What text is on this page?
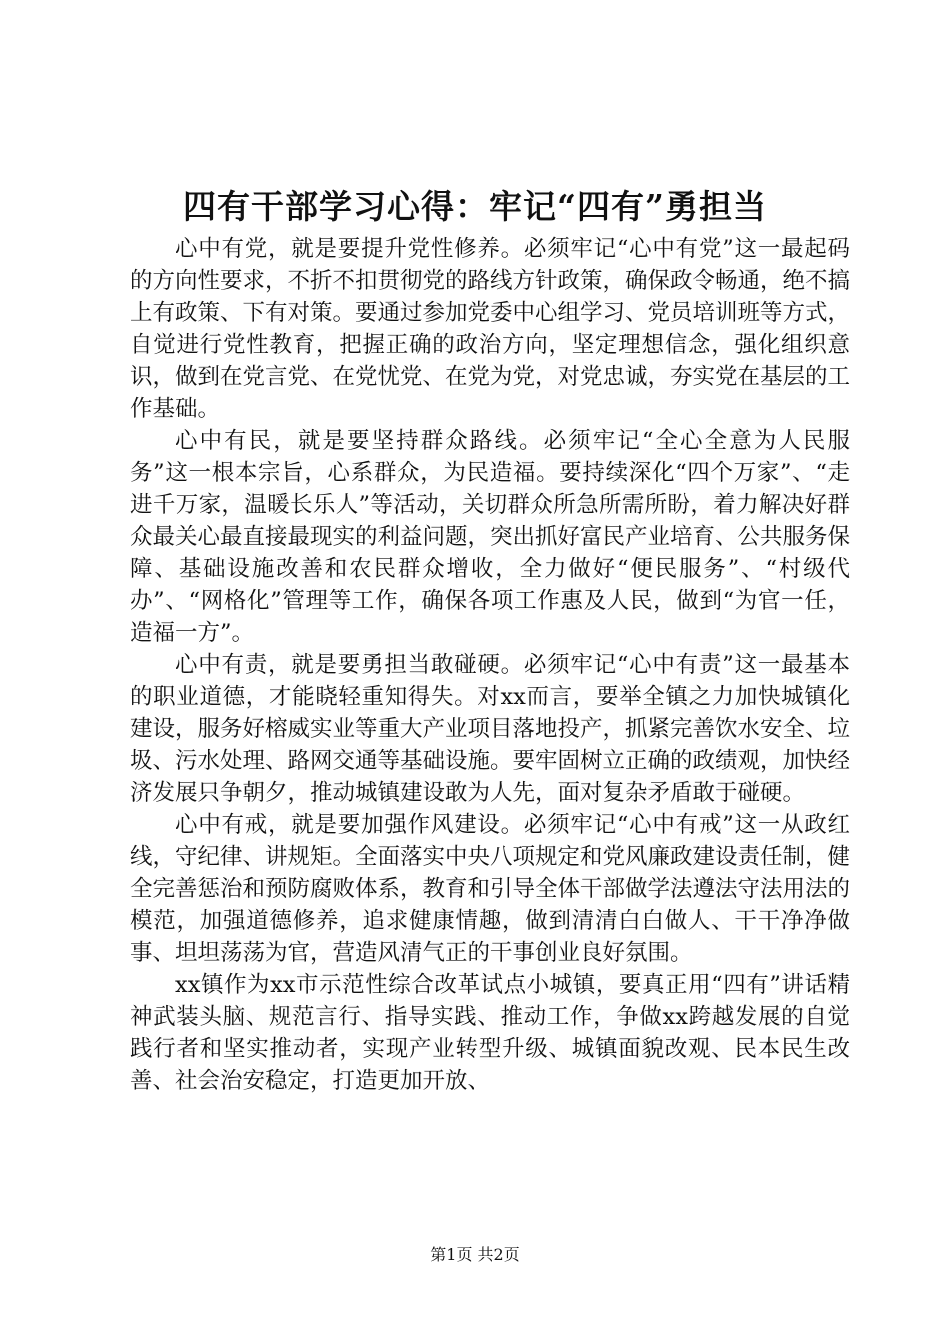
四有干部学习心得：牢记“四有”勇担当

心中有党，就是要提升党性修养。必须牢记“心中有党”这一最起码的方向性要求，不折不扣贯彻党的路线方针政策，确保政令畅通，绝不搞上有政策、下有对策。要通过参加党委中心组学习、党员培训班等方式，自觉进行党性教育，把握正确的政治方向，坚定理想信念，强化组织意识，做到在党言党、在党忧党、在党为党，对党忠诚，夯实党在基层的工作基础。

心中有民，就是要坚持群众路线。必须牢记“全心全意为人民服务”这一根本宗旨，心系群众，为民造福。要持续深化“四个万家”、“走进千万家，温暖长乐人”等活动，关切群众所急所需所盼，着力解决好群众最关心最直接最现实的利益问题，突出抓好富民产业培育、公共服务保障、基础设施改善和农民群众增收，全力做好“便民服务”、“村级代办”、“网格化”管理等工作，确保各项工作惠及人民，做到“为官一任，造福一方”。

心中有责，就是要勇担当敢碰硬。必须牢记“心中有责”这一最基本的职业道德，才能晓轻重知得失。对xx而言，要举全镇之力加快城镇化建设，服务好榕威实业等重大产业项目落地投产，抓紧完善饮水安全、垃圾、污水处理、路网交通等基础设施。要牢固树立正确的政绩观，加快经济发展只争朝夕，推动城镇建设敢为人先，面对复杂矛盾敢于碰硬。

心中有戒，就是要加强作风建设。必须牢记“心中有戒”这一从政红线，守纪律、讲规矩。全面落实中央八项规定和党风廉政建设责任制，健全完善惩治和预防腐败体系，教育和引导全体干部做学法遵法守法用法的模范，加强道德修养，追求健康情趣，做到清清白白做人、干干净净做事、坦坦荡荡为官，营造风清气正的干事创业良好氛围。

xx镇作为xx市示范性综合改革试点小城镇，要真正用“四有”讲话精神武装头脑、规范言行、指导实践、推动工作，争做xx跨越发展的自觉践行者和坚实推动者，实现产业转型升级、城镇面貌改观、民本民生改善、社会治安稳定，打造更加开放、

第1页 共2页
